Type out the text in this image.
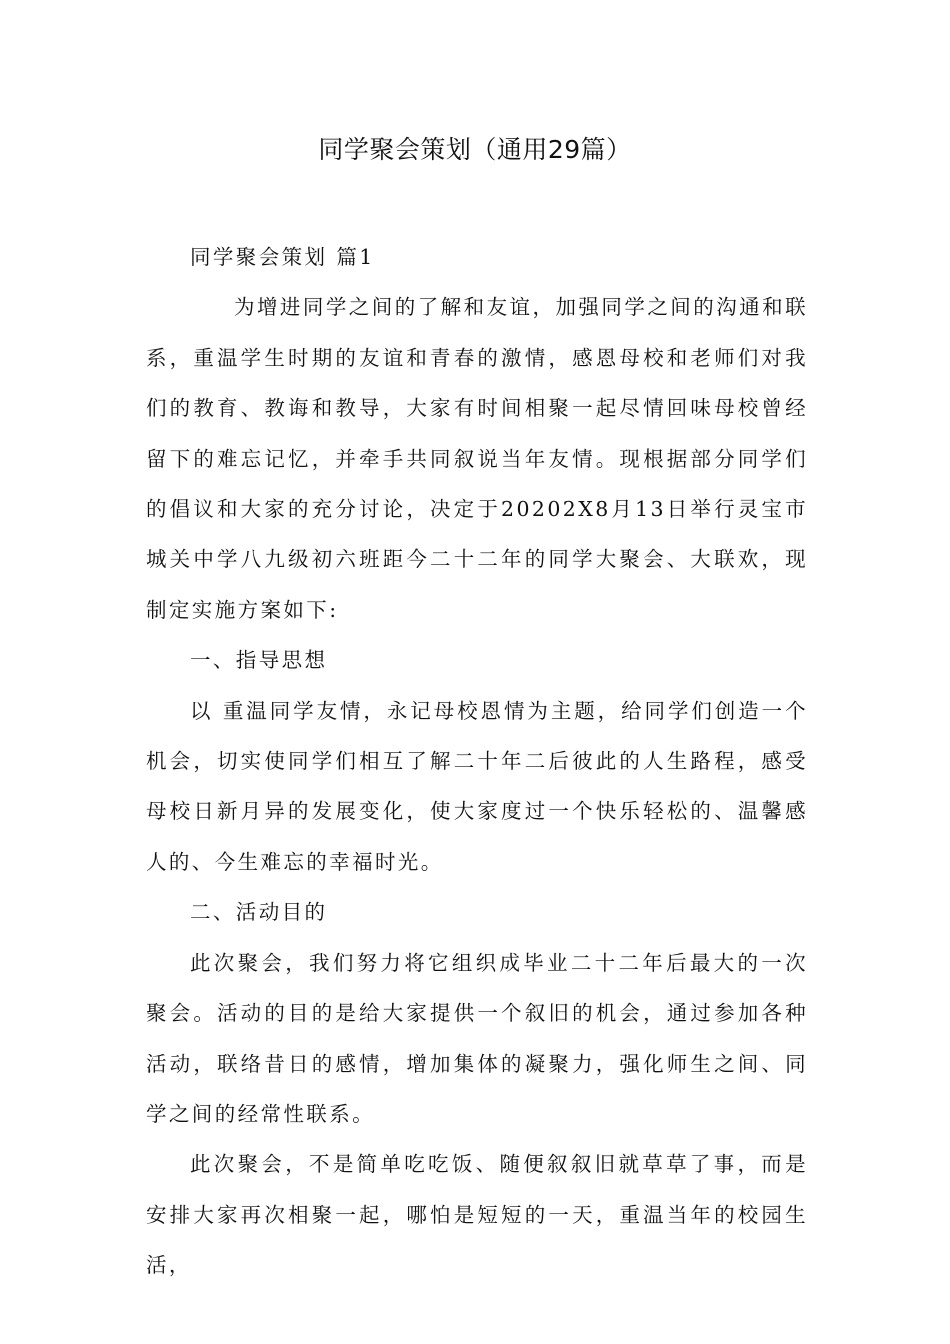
同学聚会策划（通用29篇）

同学聚会策划 篇1

为增进同学之间的了解和友谊，加强同学之间的沟通和联系，重温学生时期的友谊和青春的激情，感恩母校和老师们对我们的教育、教诲和教导，大家有时间相聚一起尽情回味母校曾经留下的难忘记忆，并牵手共同叙说当年友情。现根据部分同学们的倡议和大家的充分讨论，决定于20202X8月13日举行灵宝市城关中学八九级初六班距今二十二年的同学大聚会、大联欢，现制定实施方案如下:

一、指导思想

以 重温同学友情，永记母校恩情为主题，给同学们创造一个机会，切实使同学们相互了解二十年二后彼此的人生路程，感受母校日新月异的发展变化，使大家度过一个快乐轻松的、温馨感人的、今生难忘的幸福时光。

二、活动目的

此次聚会，我们努力将它组织成毕业二十二年后最大的一次聚会。活动的目的是给大家提供一个叙旧的机会，通过参加各种活动，联络昔日的感情，增加集体的凝聚力，强化师生之间、同学之间的经常性联系。

此次聚会，不是简单吃吃饭、随便叙叙旧就草草了事，而是安排大家再次相聚一起，哪怕是短短的一天，重温当年的校园生活，
